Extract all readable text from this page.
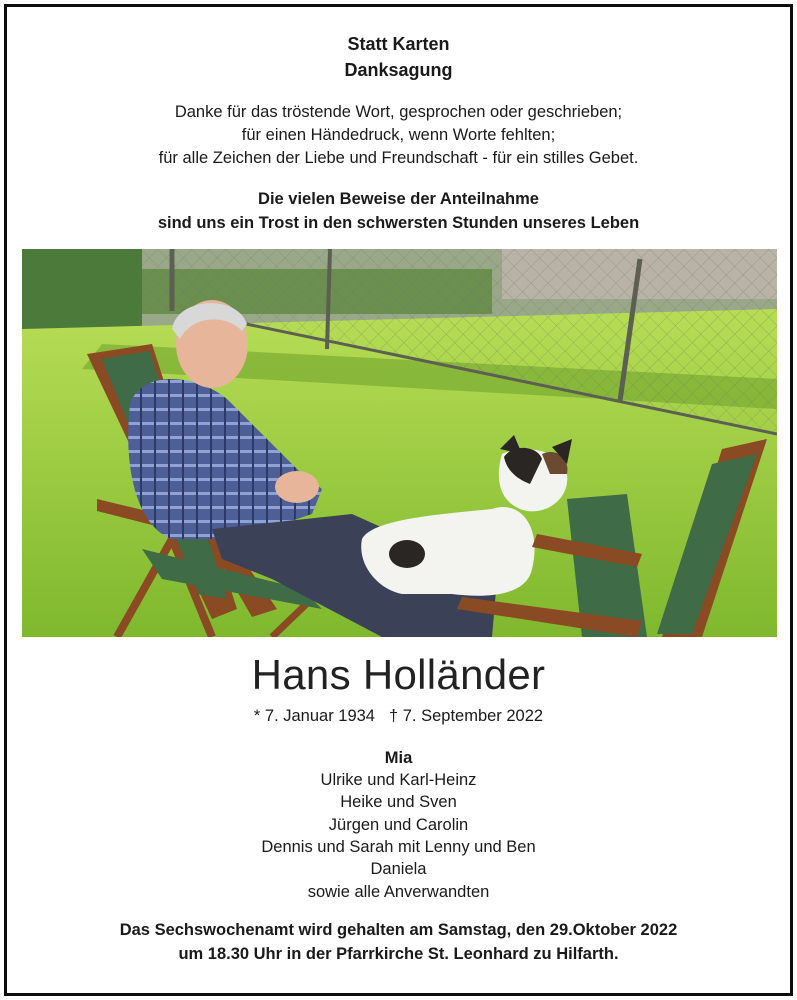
Statt Karten
Danksagung
Danke für das tröstende Wort, gesprochen oder geschrieben;
für einen Händedruck, wenn Worte fehlten;
für alle Zeichen der Liebe und Freundschaft - für ein stilles Gebet.
Die vielen Beweise der Anteilnahme
sind uns ein Trost in den schwersten Stunden unseres Leben
Hans Holländer
* 7. Januar 1934 † 7. September 2022
Mia
Ulrike und Karl-Heinz
Heike und Sven
Jürgen und Carolin
Dennis und Sarah mit Lenny und Ben
Daniela
sowie alle Anverwandten
Das Sechswochenamt wird gehalten am Samstag, den 29.Oktober 2022
um 18.30 Uhr in der Pfarrkirche St. Leonhard zu Hilfarth.
